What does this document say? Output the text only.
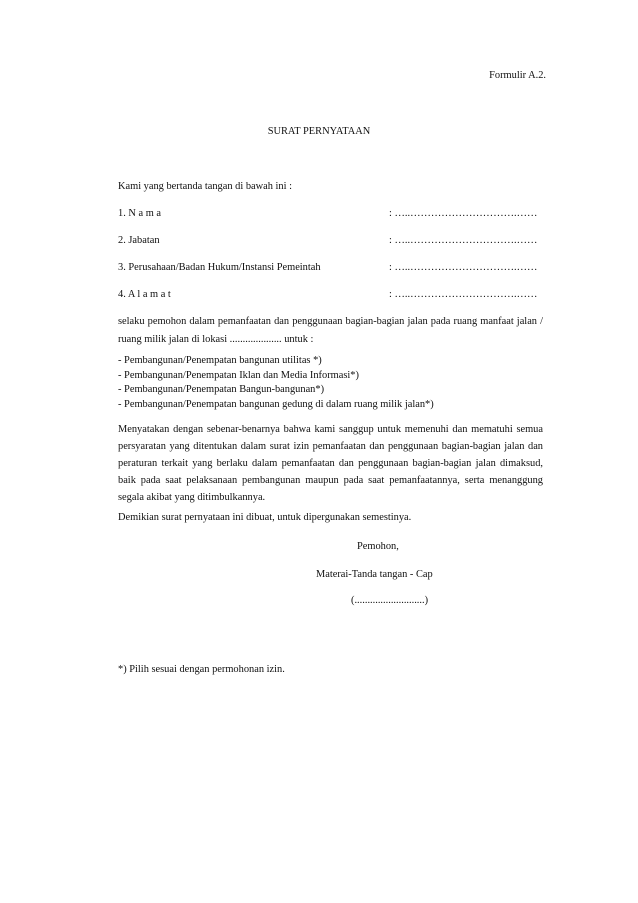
Formulir A.2.

SURAT PERNYATAAN

Kami yang bertanda tangan di bawah ini :

1. N a m a	: …..………………………….……

2. Jabatan	: …..………………………….……

3. Perusahaan/Badan Hukum/Instansi Pemeintah	: …..………………………….……

4. A l a m a t	: …..………………………….……

selaku pemohon dalam pemanfaatan dan penggunaan bagian-bagian jalan pada ruang manfaat jalan / ruang milik jalan di lokasi .................... untuk :

- Pembangunan/Penempatan bangunan utilitas *)
- Pembangunan/Penempatan Iklan dan Media Informasi*)
- Pembangunan/Penempatan Bangun-bangunan*)
- Pembangunan/Penempatan bangunan gedung di dalam ruang milik jalan*)

Menyatakan dengan sebenar-benarnya bahwa kami sanggup untuk memenuhi dan mematuhi semua persyaratan yang ditentukan dalam surat izin pemanfaatan dan penggunaan bagian-bagian jalan dan peraturan terkait yang berlaku dalam pemanfaatan dan penggunaan bagian-bagian jalan dimaksud, baik pada saat pelaksanaan pembangunan maupun pada saat pemanfaatannya, serta menanggung segala akibat yang ditimbulkannya.

Demikian surat pernyataan ini dibuat, untuk dipergunakan semestinya.

Pemohon,

Materai-Tanda tangan - Cap

(...........................)

*) Pilih sesuai dengan permohonan izin.
